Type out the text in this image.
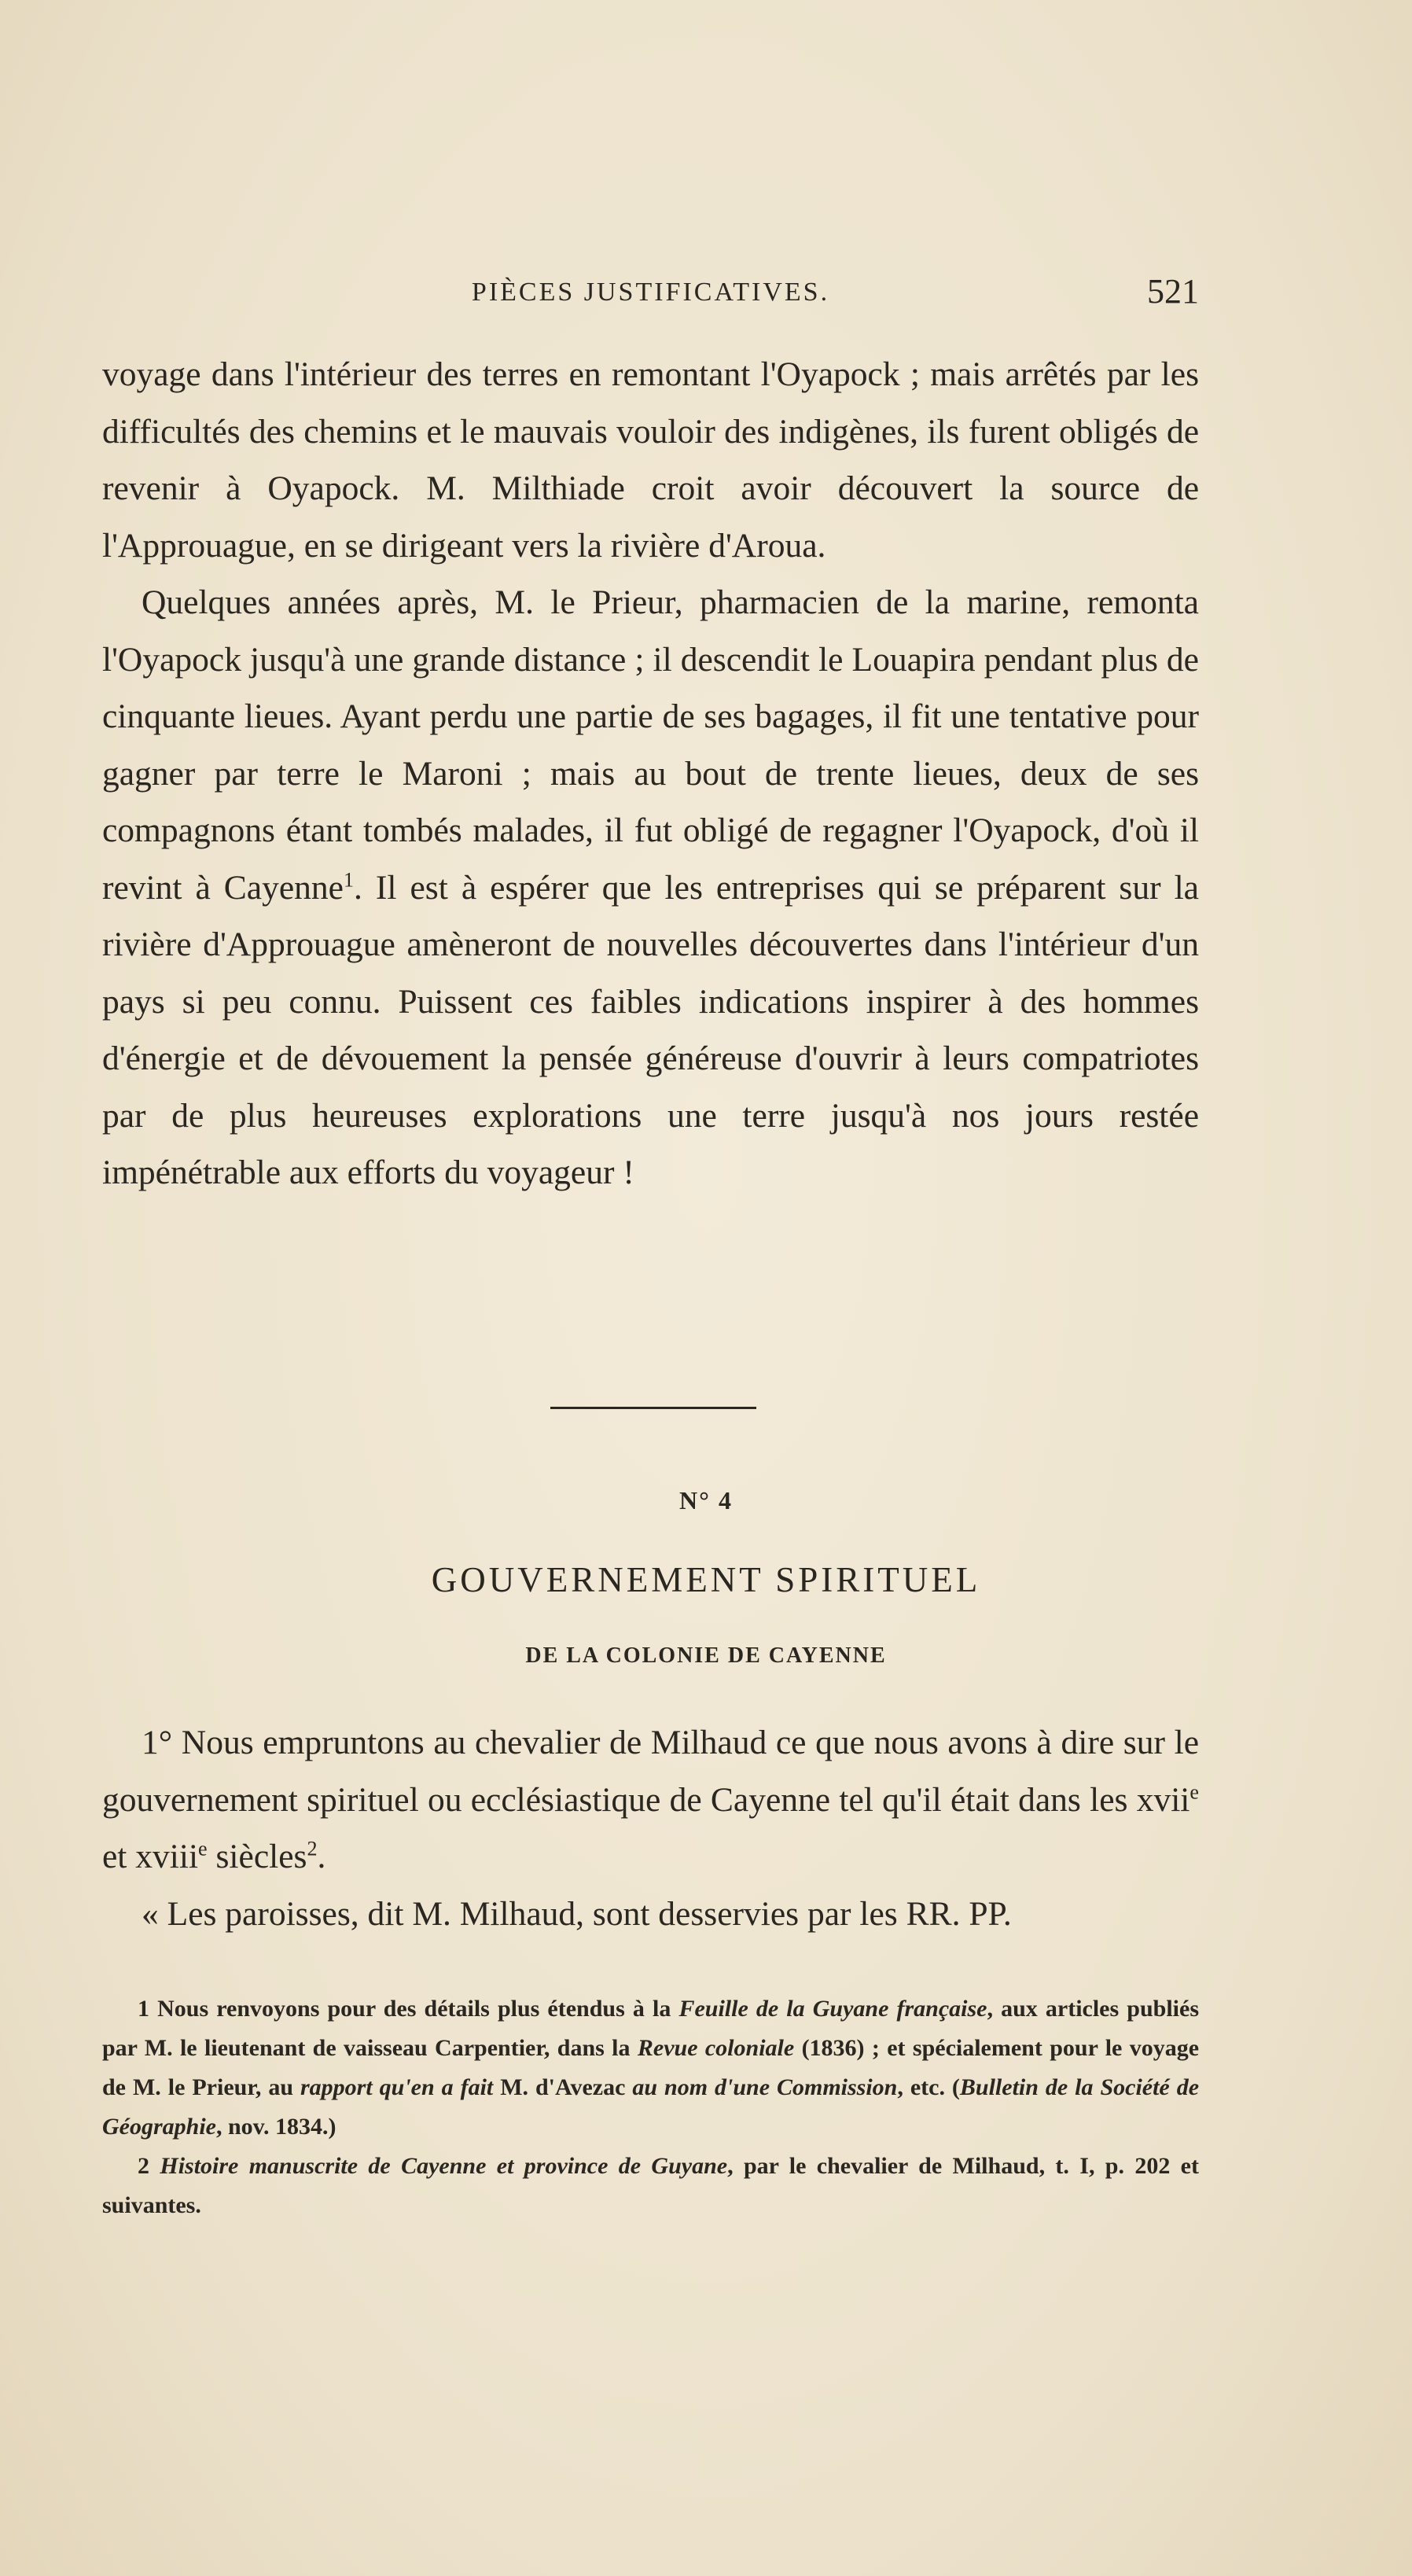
PIÈCES JUSTIFICATIVES.	521

voyage dans l'intérieur des terres en remontant l'Oyapock ; mais arrêtés par les difficultés des chemins et le mauvais vouloir des indigènes, ils furent obligés de revenir à Oyapock. M. Milthiade croit avoir découvert la source de l'Approuague, en se dirigeant vers la rivière d'Aroua.

Quelques années après, M. le Prieur, pharmacien de la marine, remonta l'Oyapock jusqu'à une grande distance ; il descendit le Louapira pendant plus de cinquante lieues. Ayant perdu une partie de ses bagages, il fit une tentative pour gagner par terre le Maroni ; mais au bout de trente lieues, deux de ses compagnons étant tombés malades, il fut obligé de regagner l'Oyapock, d'où il revint à Cayenne$^1$. Il est à espérer que les entreprises qui se préparent sur la rivière d'Approuague amèneront de nouvelles découvertes dans l'intérieur d'un pays si peu connu. Puissent ces faibles indications inspirer à des hommes d'énergie et de dévouement la pensée généreuse d'ouvrir à leurs compatriotes par de plus heureuses explorations une terre jusqu'à nos jours restée impénétrable aux efforts du voyageur !

N° 4
GOUVERNEMENT SPIRITUEL
DE LA COLONIE DE CAYENNE

1° Nous empruntons au chevalier de Milhaud ce que nous avons à dire sur le gouvernement spirituel ou ecclésiastique de Cayenne tel qu'il était dans les xvii$^e$ et xviii$^e$ siècles$^2$.

« Les paroisses, dit M. Milhaud, sont desservies par les RR. PP.

1 Nous renvoyons pour des détails plus étendus à la Feuille de la Guyane française, aux articles publiés par M. le lieutenant de vaisseau Carpentier, dans la Revue coloniale (1836) ; et spécialement pour le voyage de M. le Prieur, au rapport qu'en a fait M. d'Avezac au nom d'une Commission, etc. (Bulletin de la Société de Géographie, nov. 1834.)

2 Histoire manuscrite de Cayenne et province de Guyane, par le chevalier de Milhaud, t. I, p. 202 et suivantes.
